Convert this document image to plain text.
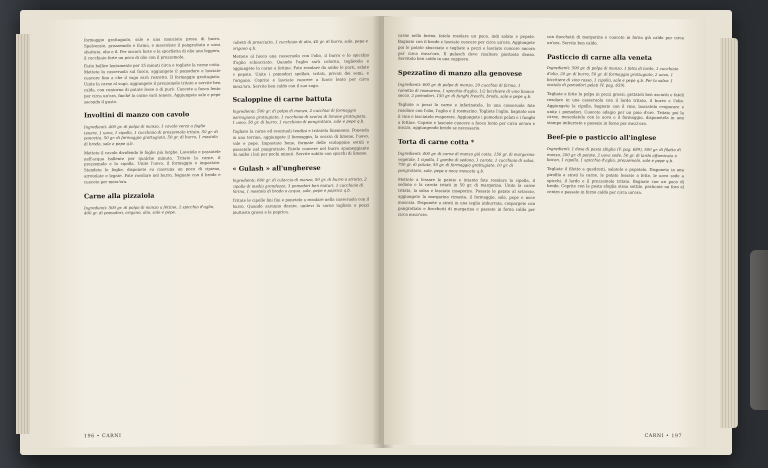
formaggio grattugiato, sale e una manciata presa di burro. Spolverate, prezzemolo e farina, e mescolate il pangrattato e uova sbattute, olio e il. Per ancora forte e la sporfiatta di olio una leggera, il cucchiaio forte un poco di olio con il prezzemolo.

Fatto bollire lentamente per 15 minuti circa e togliete la carne cotta. Mettete la casseruola sul fuoco, aggiungete il pomodoro e lasciate cuocere fino a che il sugo sarà ristretto. Il formaggio grattugiato. Unite la carne al sugo, aggiungete il prezzemolo tritato e servite ben calda, con contorno di patate lesse o di purè. Cuocete a fuoco lento per circa un'ora, finché la carne sarà tenera. Aggiungete sale e pepe secondo il gusto.

Involtini di manzo con cavolo

Ingredienti: 400 gr. di polpa di manzo, 1 cavolo verza a foglie tenere, 1 uovo, 1 cipolla, 1 cucchiaio di prezzemolo tritato, 50 gr. di pancetta, 50 gr. di formaggio grattugiato, 50 gr. di burro, 1 mestolo di brodo, sale e pepe q.b.

Mettete il cavolo dividendo le foglie più larghe. Lavatele e passatele nell'acqua bollente per qualche minuto. Tritate la carne, il prezzemolo e la cipolla. Unite l'uovo, il formaggio e impastate. Stendete le foglie, disponete su ciascuna un poco di ripieno, arrotolate e legate. Fate rosolare nel burro, bagnate con il brodo e cuocete per mezz'ora.

Carne alla pizzaiola

Ingredienti: 500 gr. di polpa di manzo a fettine, 1 spicchio d'aglio, 400 gr. di pomodori, origano, olio, sale e pepe.

cubetti di prosciutto, 1 cucchiaio di olio, 40 gr. di burro, sale, pepe e origano q.b.

Mettete al fuoco una casseruola con l'olio, il burro e lo spicchio d'aglio schiacciato. Quando l'aglio sarà colorito, toglietelo e aggiungete la carne a fettine. Fate rosolare da ambo le parti, salate e pepate. Unite i pomodori spellati, tritati, privati dei semi, e l'origano. Coprite e lasciate cuocere a fuoco lento per circa mezz'ora. Servite ben caldo con il suo sugo.

Scaloppine di carne battuta

Ingredienti: 500 gr. di polpa di manzo, 2 cucchiai di formaggio parmigiano grattugiato, 1 cucchiaio di scorza di limone grattugiata, 1 uovo, 50 gr. di burro, 1 cucchiaio di pangrattato, sale e pepe q.b.

Tagliate la carne ed eventuali tendini e tritatela finemente. Ponetela in una terrina, aggiungete il formaggio, la scorza di limone, l'uovo, sale e pepe. Impastate bene, formate delle scaloppine sottili e passatele nel pangrattato. Fatele cuocere nel burro spumeggiante da ambo i lati per pochi minuti. Servite subito con spicchi di limone.

« Gulash » all'ungherese

Ingredienti: 600 gr. di culaccio di manzo, 50 gr. di burro o strutto, 2 cipolle di media grandezza, 3 pomodori ben maturi, 1 cucchiaio di farina, 1 mestolo di brodo o acqua, sale, pepe e paprica q.b.

Tritate le cipolle fini fini e ponetele a rosolare nella casseruola con il burro. Quando saranno dorate, unitevi la carne tagliata a pezzi piuttosto grossi e la paprica.

196 • CARNI

carne nella farina, fatela rosolare un poco, indi salate e pepate. Bagnate con il brodo e lasciate cuocere per circa un'ora. Aggiungete poi le patate sbucciate e tagliate a pezzi e lasciate cuocere ancora per circa mezz'ora. Il gulasch deve risultare piuttosto denso. Servitelo ben caldo in una zuppiera.

Spezzatino di manzo alla genovese

Ingredienti: 600 gr. di polpa di manzo, 20 cucchiai di farina, 1 rametto di rosmarino, 1 spicchio d'aglio, 1/2 bicchiere di vino bianco secco, 2 pomodori, 150 gr. di funghi freschi, brodo, sale e pepe q.b.

Tagliate a pezzi la carne e infarinatela. In una casseruola fate rosolare con l'olio, l'aglio e il rosmarino. Togliete l'aglio, bagnate con il vino e lasciatelo evaporare. Aggiungete i pomodori pelati e i funghi a fettine. Coprite e lasciate cuocere a fuoco lento per circa un'ora e mezza, aggiungendo brodo se necessario.

Torta di carne cotta *

Ingredienti: 400 gr. di carne di manzo già cotta, 150 gr. di margarina vegetale, 1 cipolla, 1 gambo di sedano, 1 carota, 1 cucchiaio di salsa, 700 gr. di patate, 50 gr. di formaggio grattugiato, 10 gr. di pangrattato, sale, pepe e noce moscata q.b.

Mettete a lessare le patate e intanto fate rosolare la cipolla, il sedano e la carota tritati in 50 gr. di margarina. Unite la carne tritata, la salsa e lasciate insaporire. Passate le patate al setaccio, aggiungete la margarina rimasta, il formaggio, sale, pepe e noce moscata. Disponete a strati in una teglia imburrata, cospargete con pangrattato e fiocchetti di margarina e passate in forno caldo per circa mezz'ora.

con fiocchetti di margarina e cuocete in forno già caldo per circa un'ora. Servite ben caldo.

Pasticcio di carne alla veneta

Ingredienti: 500 gr. di polpa di manzo, 1 fetta di lardo, 1 cucchiaio d'olio, 20 gr. di burro, 50 gr. di formaggio grattugiato, 2 uova, 1 bicchiere di vino rosso, 1 cipolla, sale e pepe q.b. Per la salsa: 1 scatola di pomodori pelati (V. pag. 659).

Tagliate a fette la polpa in pezzi grossi, gettateli ben asciutti e fateli rosolare in una casseruola con il lardo tritato, il burro e l'olio. Aggiungete la cipolla, bagnate con il vino, lasciatelo evaporare e unite i pomodori. Cuocete adagio per un paio d'ore. Tritate poi la carne, mescolatela con le uova e il formaggio, disponetela in uno stampo imburrato e passate in forno per mezz'ora.

Beef-pie o pasticcio all'inglese

Ingredienti: 1 dose di pasta sfoglia (V. pag. 689), 500 gr. di filetto di manzo, 200 gr. di patate, 2 uova sode, 50 gr. di lardo affumicato o bacon, 1 cipolla, 1 spicchio d'aglio, prezzemolo, sale e pepe q.b.

Tagliate il filetto a quadretti, salatelo e pepatelo. Disponete in una pirofila a strati la carne, le patate lessate a fette, le uova sode a spicchi, il lardo e il prezzemolo tritato. Bagnate con un poco di brodo. Coprite con la pasta sfoglia stesa sottile, praticate un foro al centro e passate in forno caldo per circa un'ora.

CARNI • 197
